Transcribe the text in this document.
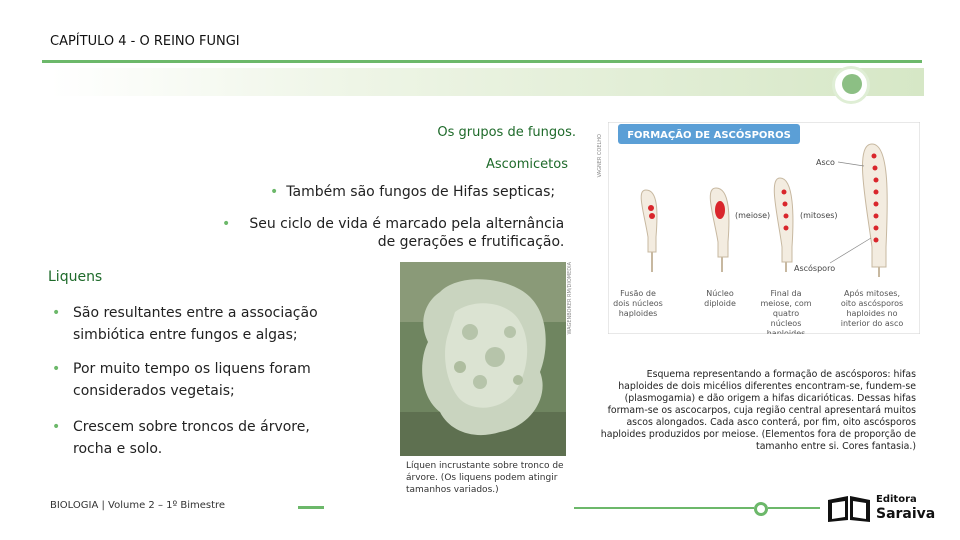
CAPÍTULO 4 - O REINO FUNGI
Os grupos de fungos.
Ascomicetos
• Também são fungos de Hifas septicas;
• Seu ciclo de vida é marcado pela alternância de gerações e frutificação.
Liquens
• São resultantes entre a associação simbiótica entre fungos e algas;
• Por muito tempo os liquens foram considerados vegetais;
• Crescem sobre troncos de árvore, rocha e solo.
WAGENBOKER RM/DIOMEDIA
Líquen incrustante sobre tronco de árvore. (Os liquens podem atingir tamanhos variados.)
VAGNER COELHO FORMAÇÃO DE ASCÓSPOROS
(meiose)	(mitoses)
Asco
Ascósporo
Fusão de dois núcleos haploides
Núcleo diploide
Final da meiose, com quatro núcleos haploides
Após mitoses, oito ascósporos haploides no interior do asco
Esquema representando a formação de ascósporos: hifas haploides de dois micélios diferentes encontram-se, fundem-se (plasmogamia) e dão origem a hifas dicarióticas. Dessas hifas formam-se os ascocarpos, cuja região central apresentará muitos ascos alongados. Cada asco conterá, por fim, oito ascósporos haploides produzidos por meiose. (Elementos fora de proporção de tamanho entre si. Cores fantasia.)
BIOLOGIA | Volume 2 – 1º Bimestre
Editora
Saraiva
